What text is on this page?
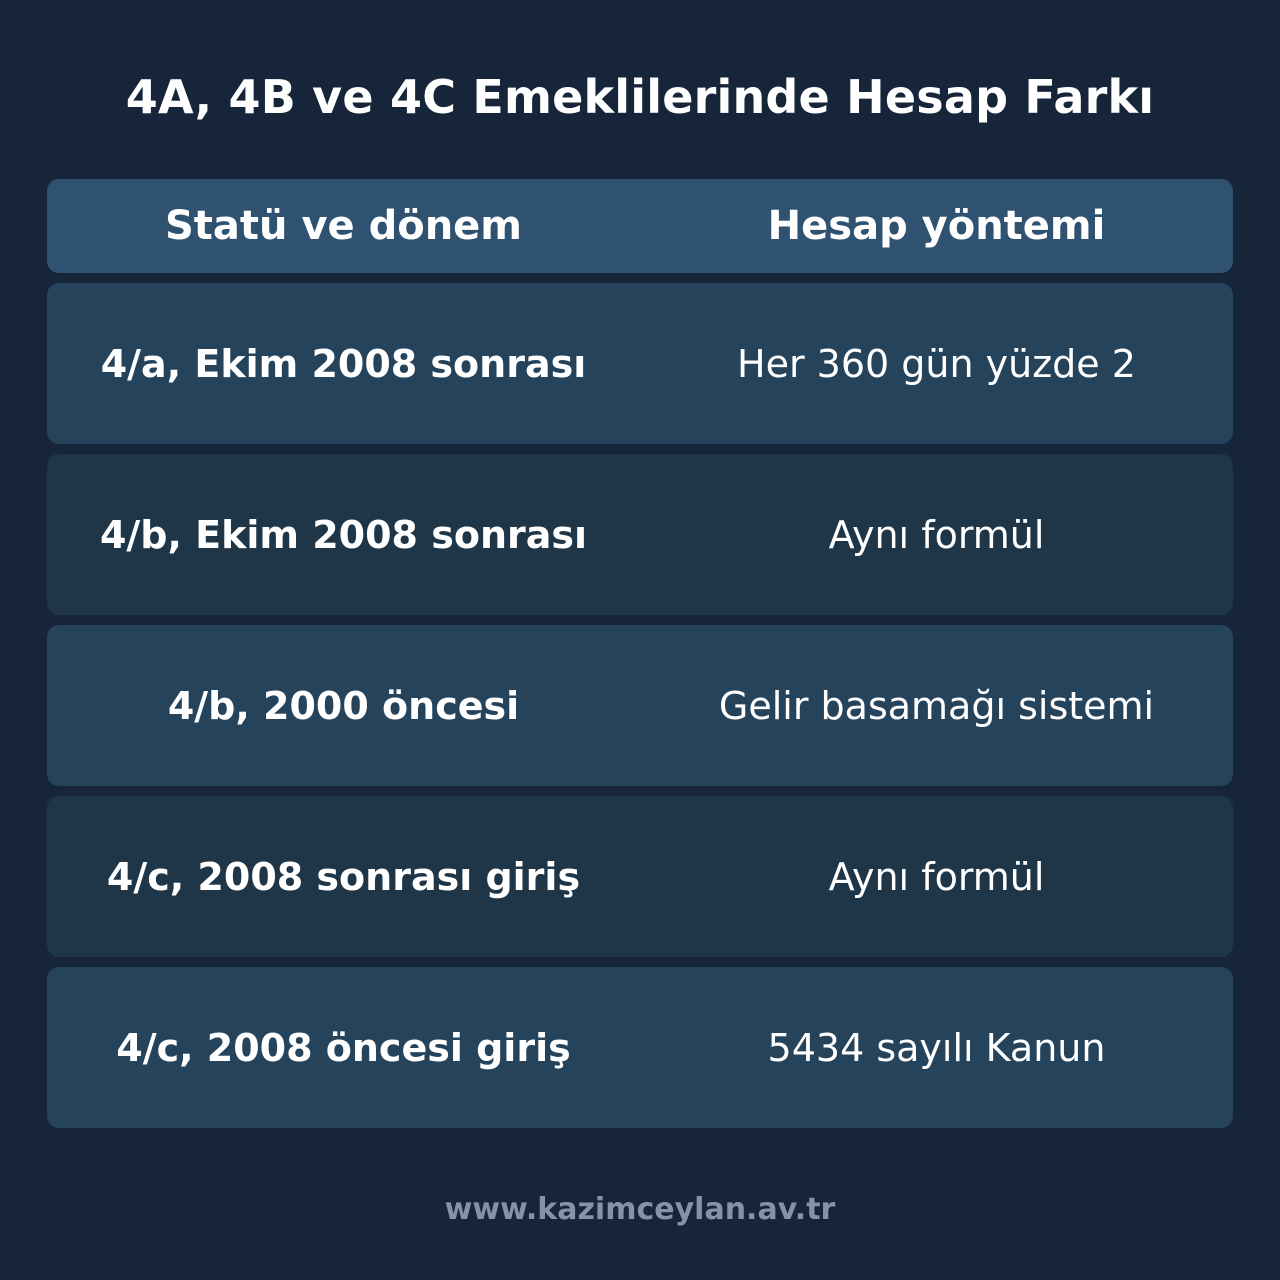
4A, 4B ve 4C Emeklilerinde Hesap Farkı
Statü ve dönem	Hesap yöntemi
4/a, Ekim 2008 sonrası	Her 360 gün yüzde 2
4/b, Ekim 2008 sonrası	Aynı formül
4/b, 2000 öncesi	Gelir basamağı sistemi
4/c, 2008 sonrası giriş	Aynı formül
4/c, 2008 öncesi giriş	5434 sayılı Kanun
www.kazimceylan.av.tr
